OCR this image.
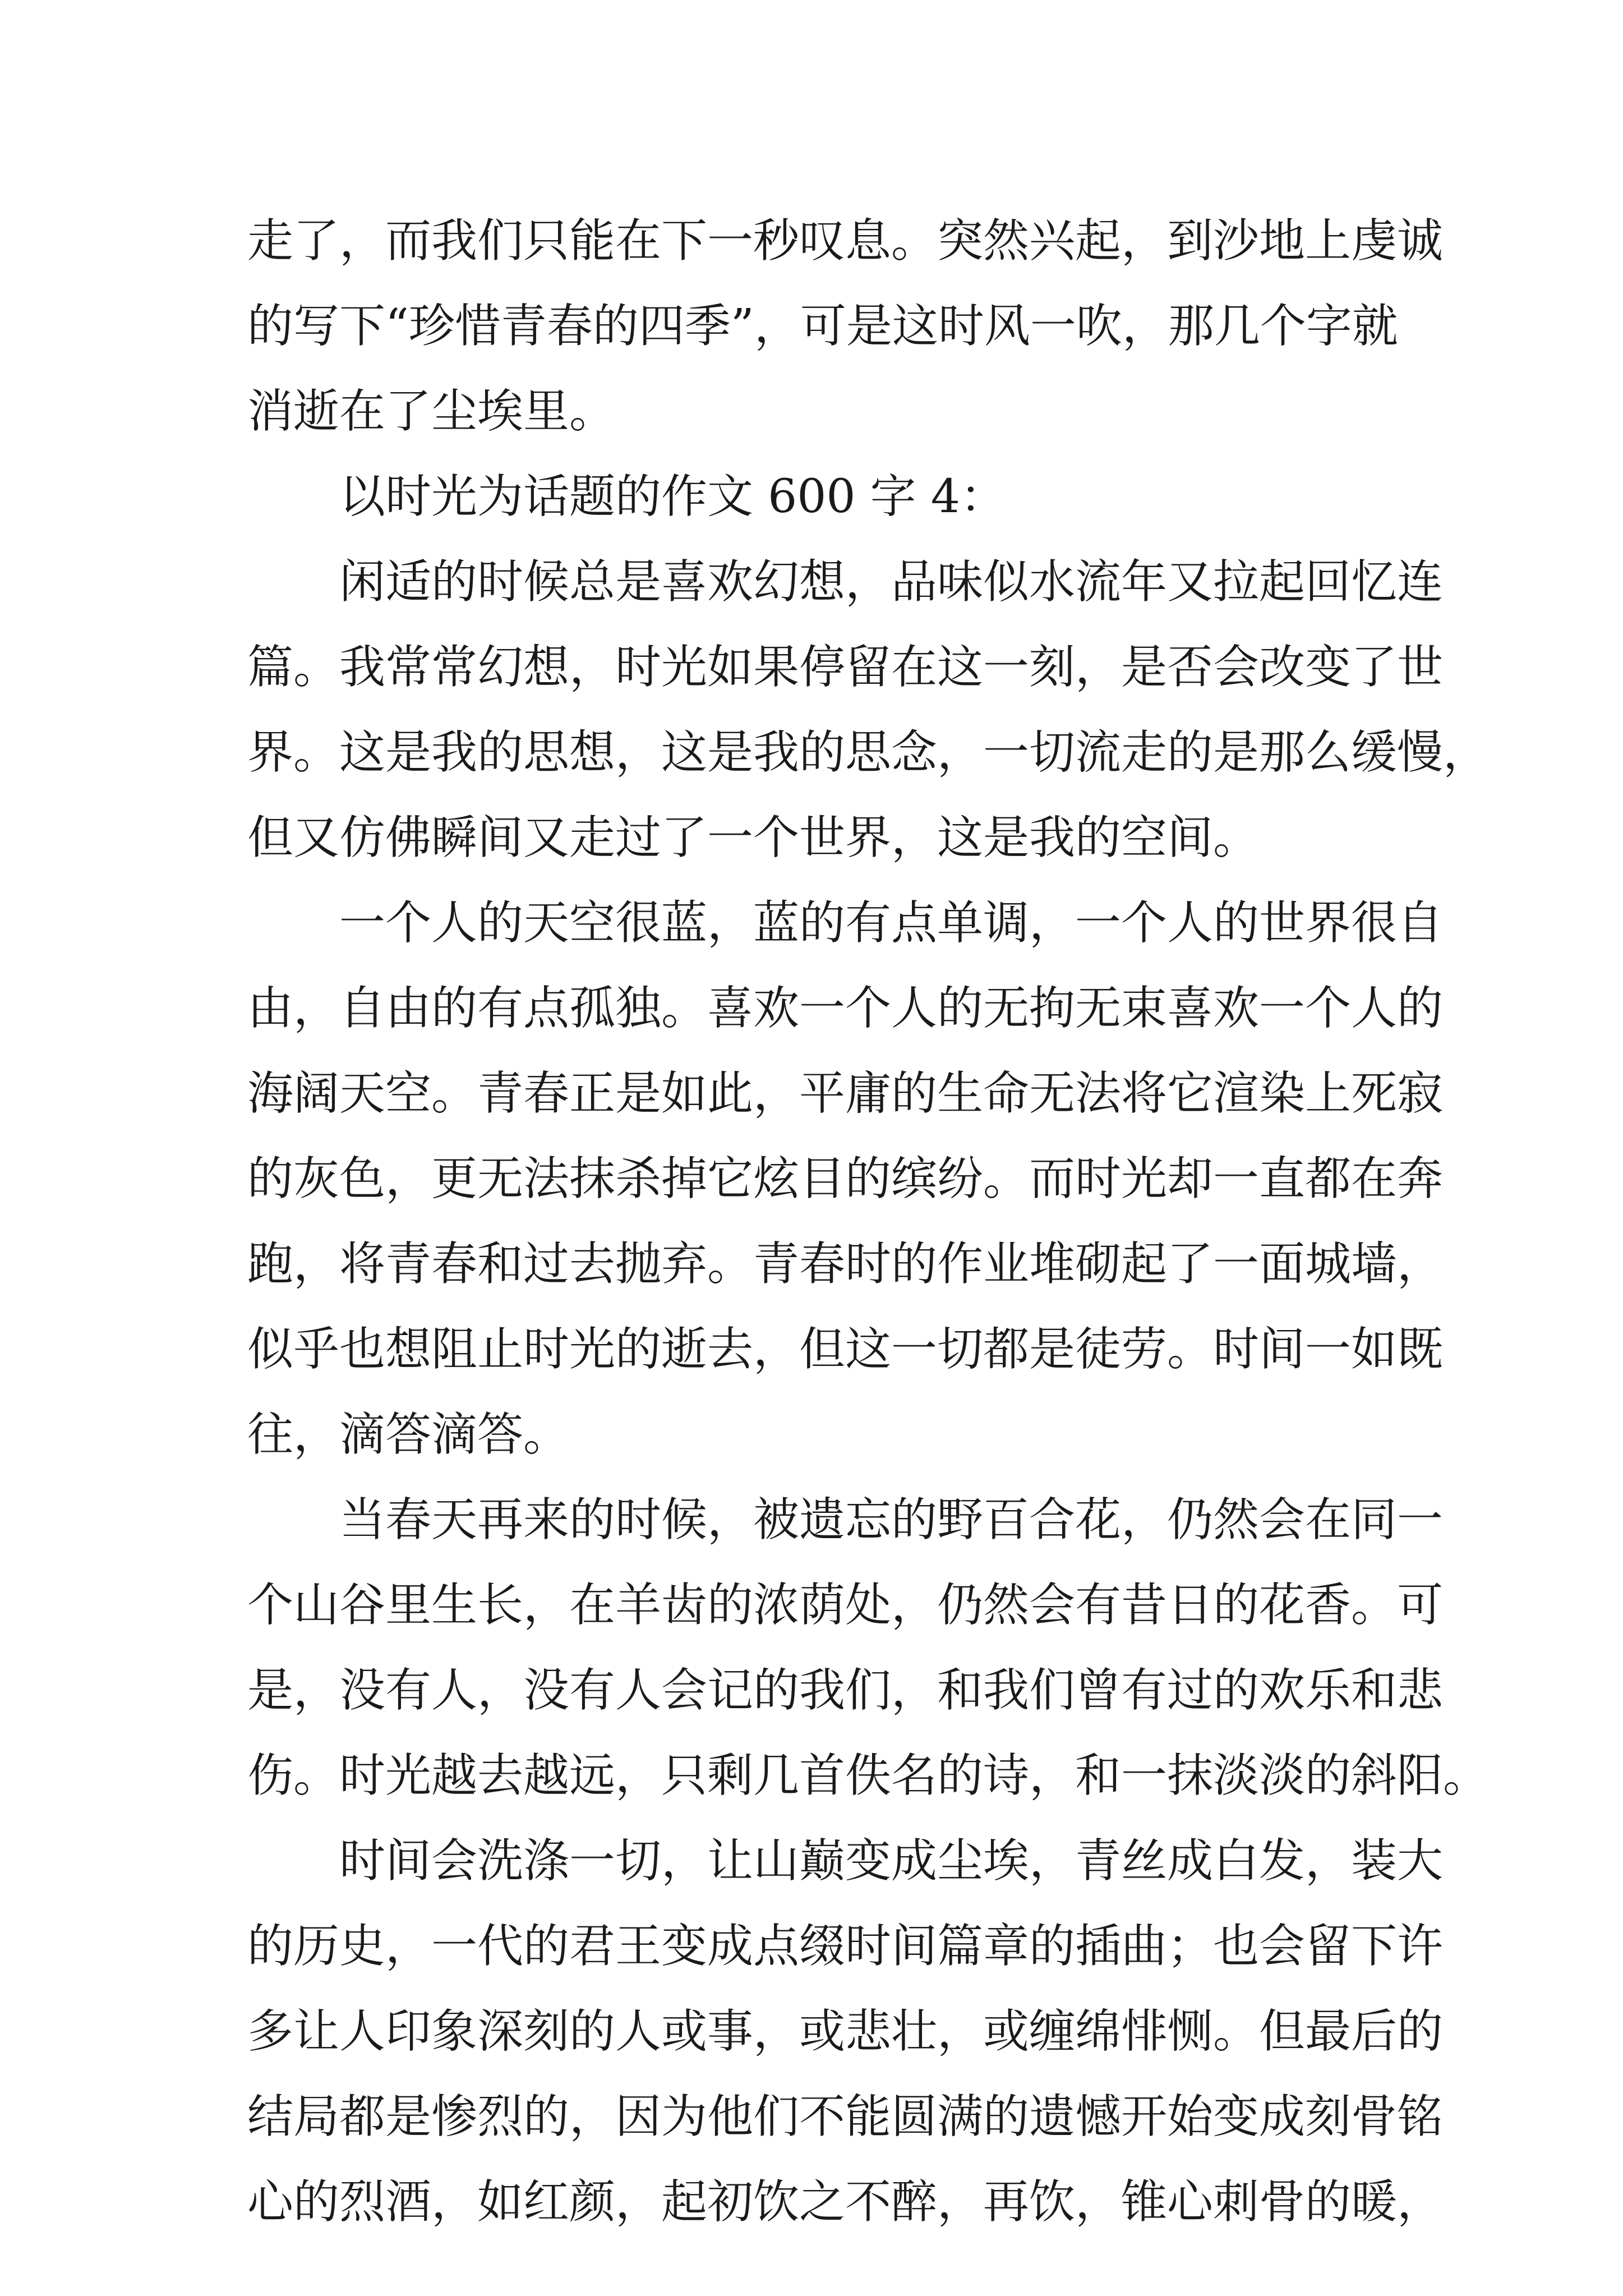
走了，而我们只能在下一秒叹息。突然兴起，到沙地上虔诚
的写下“珍惜青春的四季”，可是这时风一吹，那几个字就
消逝在了尘埃里。
以时光为话题的作文 600 字 4：
闲适的时候总是喜欢幻想，品味似水流年又拉起回忆连
篇。我常常幻想，时光如果停留在这一刻，是否会改变了世
界。这是我的思想，这是我的思念，一切流走的是那么缓慢，
但又仿佛瞬间又走过了一个世界，这是我的空间。
一个人的天空很蓝，蓝的有点单调，一个人的世界很自
由，自由的有点孤独。喜欢一个人的无拘无束喜欢一个人的
海阔天空。青春正是如此，平庸的生命无法将它渲染上死寂
的灰色，更无法抹杀掉它炫目的缤纷。而时光却一直都在奔
跑，将青春和过去抛弃。青春时的作业堆砌起了一面城墙，
似乎也想阻止时光的逝去，但这一切都是徒劳。时间一如既
往，滴答滴答。
当春天再来的时候，被遗忘的野百合花，仍然会在同一
个山谷里生长，在羊齿的浓荫处，仍然会有昔日的花香。可
是，没有人，没有人会记的我们，和我们曾有过的欢乐和悲
伤。时光越去越远，只剩几首佚名的诗，和一抹淡淡的斜阳。
时间会洗涤一切，让山巅变成尘埃，青丝成白发，装大
的历史，一代的君王变成点缀时间篇章的插曲；也会留下许
多让人印象深刻的人或事，或悲壮，或缠绵悱恻。但最后的
结局都是惨烈的，因为他们不能圆满的遗憾开始变成刻骨铭
心的烈酒，如红颜，起初饮之不醉，再饮，锥心刺骨的暖，
